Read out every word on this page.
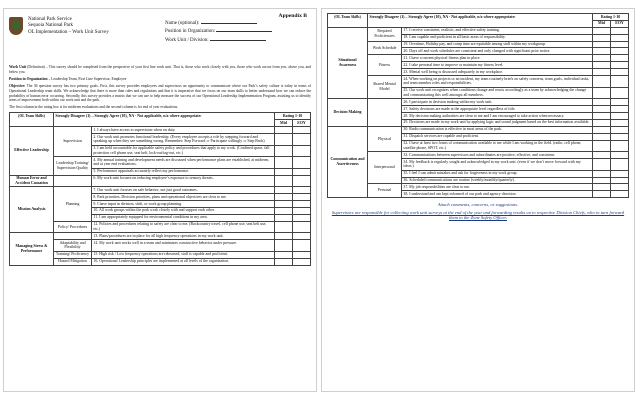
National Park Service
Sequoia National Park
OL Implementation – Work Unit Survey
Appendix B
Name (optional):
Position in Organization:
Work Unit / Division:

Work Unit (Definition) – This survey should be completed from the perspective of your first line work unit. That is, those who work closely with you, those who work across from you, above you, and below you.

Position in Organization – Leadership Team, First Line Supervisor, Employee

Objective: The 36 question survey has two primary goals. First, this survey provides employees and supervisors an opportunity to communicate where our Park’s safety culture is today in terms of Operational Leadership team skills. We acknowledge that there is more than rules and regulations and that it is imperative that we focus on our team skills to better understand how we can reduce the probability of human error occurring. Secondly, this survey provides a matrix that we can use to help measure the success of our Operational Leadership Implementation Program, assisting us to identify areas of improvement both within our work unit and the park.

The first column in the rating box is for midterm evaluations and the second column is for end of year evaluations.

(OL Team Skills)	Strongly Disagree (1) – Strongly Agree (10), NA - Not applicable, n/a where appropriate:		Rating 1-10	
			Mid	EOY
Effective Leadership	Supervision	1. I always have access to supervision when on duty.		
		2. Our work unit promotes functional leadership. (Every employee accepts a role by stepping forward and speaking up when they see something wrong. Remember: Step Forward ⇒ Participate willingly ⇒ Step Back)		
		3. I am held accountable for applicable safety policy and procedures that apply to my work. (Confined space, fall protection cell phone use, seat belt, lock-out/tag-out, etc.)		
	Leadership Training/ Supervision Quality	4. My annual training and development needs are discussed when performance plans are established, at midterm, and at year end evaluations.		
		5. Performance appraisals accurately reflect my performance.		
Human Error and Accident Causation		6. My work unit focuses on reducing employee’s exposure to sensory threats.		
Mission Analysis	Planning	7. Our work unit focuses on safe behavior, not just good outcomes.		
		8. Park priorities, Division priorities, plans and operational objectives are clear to me.		
		9. I have input in division, shift, or work group planning.		
		10. All work groups within the park work closely with and support each other.		
		11. I am appropriately equipped for environmental conditions in my area.		
	Policy/ Procedures	12. Policies and procedures relating to safety are clear to me. (Backcountry travel, cell phone use, seat belt use, etc.)		
Managing Stress & Performance		13. Plans/procedures are in place for all high frequency operations in my work unit.		
	Adaptability and Flexibility	14. My work unit works well in a team and minimizes constructive behavior under pressure.		
	Training/ Proficiency	15. High risk / Low frequency operations are rehearsed, staff is capable and proficient.		
	Hazard Mitigation	16. Operational Leadership principles are implemented at all levels of the organization.		
(OL Team Skills)	Strongly Disagree (1) – Strongly Agree (10), NA - Not applicable, n/a where appropriate:		Rating 1-10	
			Mid	EOY
Situational Awareness	Required Proficiencies	17. I receive consistent, realistic, and effective safety training.		
		18. I am capable and proficient in all basic areas of responsibility.		
	Work Schedule	19. Overtime, Holiday pay, and comp time are equitable among staff within my workgroup.		
		20. Days off and work schedules are consistent and only changed with significant prior notice.		
	Fitness	21. I have a current physical fitness plan in place.		
		22. I take personal time to improve or maintain my fitness level.		
		23. Mental well being is discussed adequately in my workplace.		
	Shared Mental Model	24. When working on projects or an incident, my team routinely briefs on safety concerns, team goals, individual tasks, and team member roles and responsibilities.		
		25. Our work unit recognizes when conditions change and reacts accordingly as a team by acknowledging the change and communicating this well amongst all members.		
Decision Making		26. I participate in decision making within my work unit.		
		27. Safety decisions are made at the appropriate level regardless of title.		
		28. My decision making authorities are clear to me and I am encouraged to take action when necessary.		
		29. Decisions are made in my work unit by applying logic and sound judgment based on the best information available.		
Communication and Assertiveness	Physical	30. Radio communication is effective in most areas of the park.		
		31. Dispatch services are capable and proficient.		
		32. I have at least two forms of communication available to me while I am working in the field. (radio, cell phone, satellite phone, SPOT, etc.)		
	Interpersonal	33. Communications between supervisors and subordinates are positive, effective, and consistent.		
		34. My feedback is regularly sought and acknowledged in my work unit. (even if we don’t move forward with my ideas.)		
		35. I feel I can admit mistakes and ask for forgiveness in my work group.		
		36. Scheduled communications are routine (weekly/monthly/quarterly).		
	Personal	37. My job responsibilities are clear to me.		
		38. I understand and am kept informed of our park and agency direction.		
Attach comments, concerns, or suggestions.
Supervisors are responsible for collecting work unit surveys at the end of the year and forwarding results on to respective Division Chiefs, who in turn forward them to the Zone Safety Officer.
